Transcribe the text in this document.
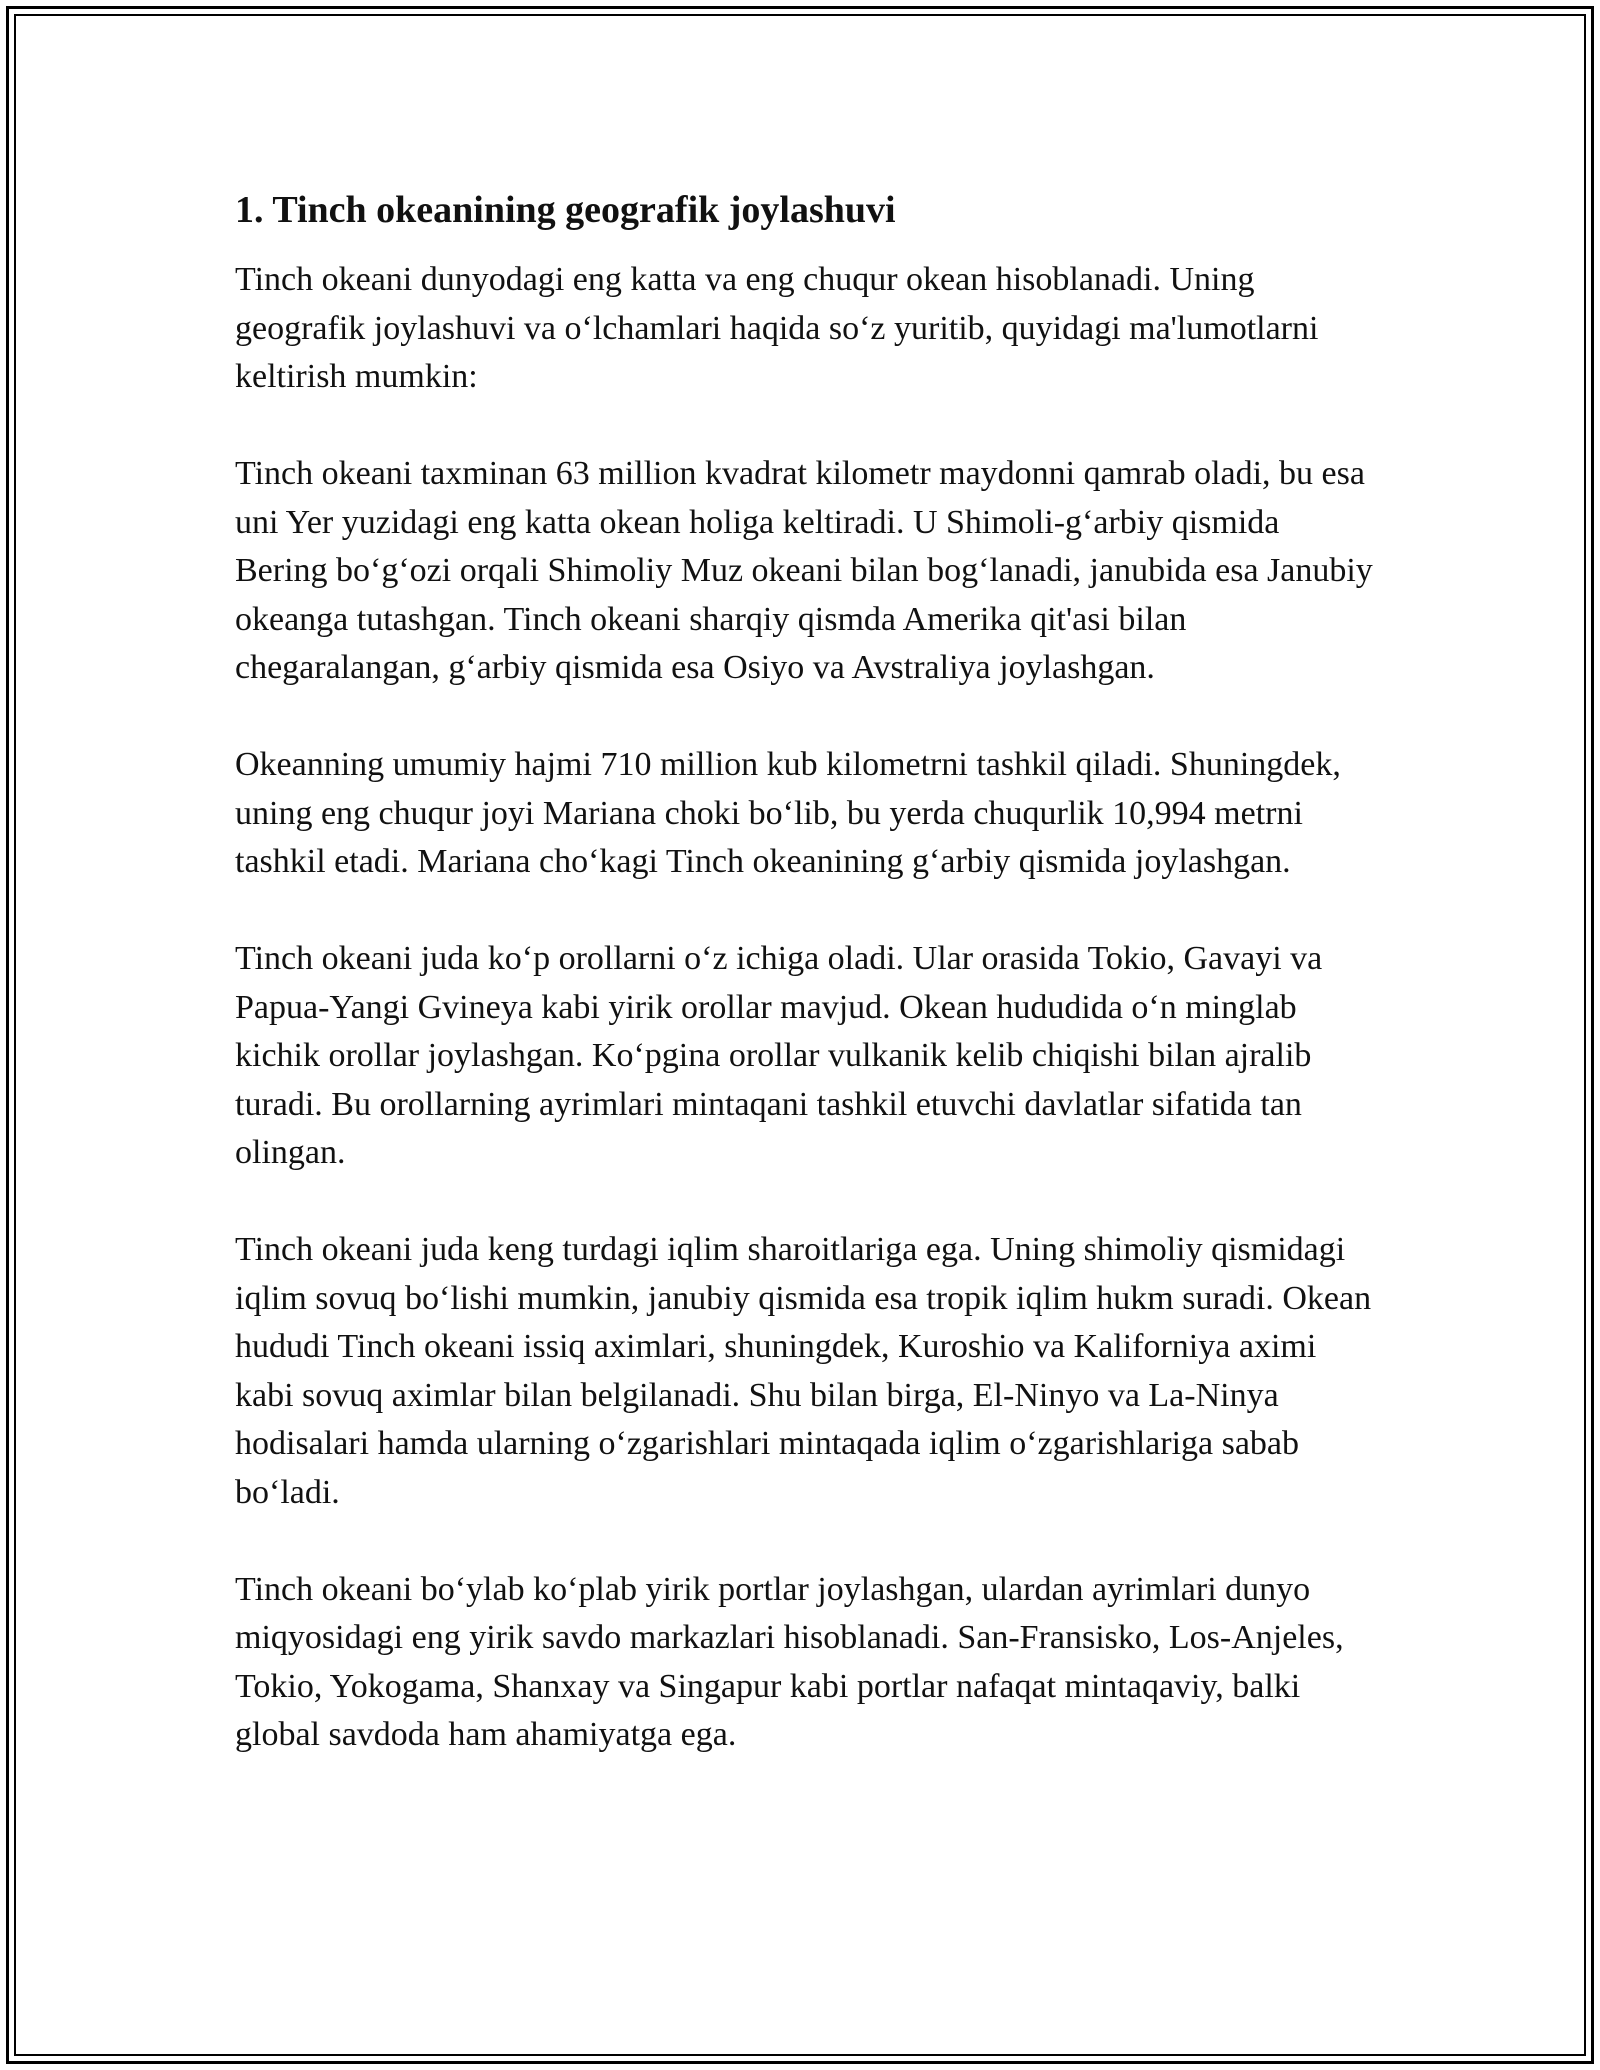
1. Tinch okeanining geografik joylashuvi

Tinch okeani dunyodagi eng katta va eng chuqur okean hisoblanadi. Uning geografik joylashuvi va o‘lchamlari haqida so‘z yuritib, quyidagi ma'lumotlarni keltirish mumkin:

Tinch okeani taxminan 63 million kvadrat kilometr maydonni qamrab oladi, bu esa uni Yer yuzidagi eng katta okean holiga keltiradi. U Shimoli-g‘arbiy qismida Bering bo‘g‘ozi orqali Shimoliy Muz okeani bilan bog‘lanadi, janubida esa Janubiy okeanga tutashgan. Tinch okeani sharqiy qismda Amerika qit'asi bilan chegaralangan, g‘arbiy qismida esa Osiyo va Avstraliya joylashgan.

Okeanning umumiy hajmi 710 million kub kilometrni tashkil qiladi. Shuningdek, uning eng chuqur joyi Mariana choki bo‘lib, bu yerda chuqurlik 10,994 metrni tashkil etadi. Mariana cho‘kagi Tinch okeanining g‘arbiy qismida joylashgan.

Tinch okeani juda ko‘p orollarni o‘z ichiga oladi. Ular orasida Tokio, Gavayi va Papua-Yangi Gvineya kabi yirik orollar mavjud. Okean hududida o‘n minglab kichik orollar joylashgan. Ko‘pgina orollar vulkanik kelib chiqishi bilan ajralib turadi. Bu orollarning ayrimlari mintaqani tashkil etuvchi davlatlar sifatida tan olingan.

Tinch okeani juda keng turdagi iqlim sharoitlariga ega. Uning shimoliy qismidagi iqlim sovuq bo‘lishi mumkin, janubiy qismida esa tropik iqlim hukm suradi. Okean hududi Tinch okeani issiq aximlari, shuningdek, Kuroshio va Kaliforniya aximi kabi sovuq aximlar bilan belgilanadi. Shu bilan birga, El-Ninyo va La-Ninya hodisalari hamda ularning o‘zgarishlari mintaqada iqlim o‘zgarishlariga sabab bo‘ladi.

Tinch okeani bo‘ylab ko‘plab yirik portlar joylashgan, ulardan ayrimlari dunyo miqyosidagi eng yirik savdo markazlari hisoblanadi. San-Fransisko, Los-Anjeles, Tokio, Yokogama, Shanxay va Singapur kabi portlar nafaqat mintaqaviy, balki global savdoda ham ahamiyatga ega.
